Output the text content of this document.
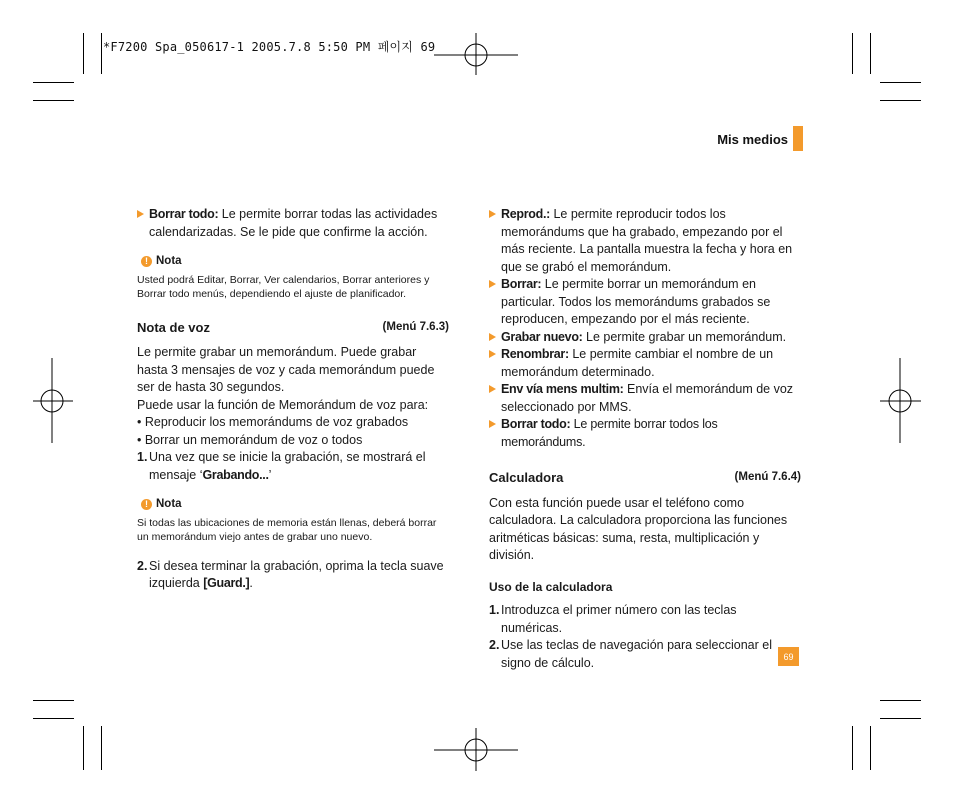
*F7200 Spa_050617-1 2005.7.8 5:50 PM 페이지 69
Mis medios

Borrar todo: Le permite borrar todas las actividades calendarizadas. Se le pide que confirme la acción.

! Nota

Usted podrá Editar, Borrar, Ver calendarios, Borrar anteriores y Borrar todo menús, dependiendo el ajuste de planificador.

Nota de voz	(Menú 7.6.3)

Le permite grabar un memorándum. Puede grabar hasta 3 mensajes de voz y cada memorándum puede ser de hasta 30 segundos.

Puede usar la función de Memorándum de voz para:

• Reproducir los memorándums de voz grabados

• Borrar un memorándum de voz o todos

1. Una vez que se inicie la grabación, se mostrará el mensaje ‘Grabando...’

! Nota

Si todas las ubicaciones de memoria están llenas, deberá borrar un memorándum viejo antes de grabar uno nuevo.

2. Si desea terminar la grabación, oprima la tecla suave izquierda [Guard.].

Reprod.: Le permite reproducir todos los memorándums que ha grabado, empezando por el más reciente. La pantalla muestra la fecha y hora en que se grabó el memorándum.

Borrar: Le permite borrar un memorándum en particular. Todos los memorándums grabados se reproducen, empezando por el más reciente.

Grabar nuevo: Le permite grabar un memorándum.

Renombrar: Le permite cambiar el nombre de un memorándum determinado.

Env vía mens multim: Envía el memorándum de voz seleccionado por MMS.

Borrar todo: Le permite borrar todos los memorándums.

Calculadora	(Menú 7.6.4)

Con esta función puede usar el teléfono como calculadora. La calculadora proporciona las funciones aritméticas básicas: suma, resta, multiplicación y división.

Uso de la calculadora

1. Introduzca el primer número con las teclas numéricas.

2. Use las teclas de navegación para seleccionar el signo de cálculo.	69
